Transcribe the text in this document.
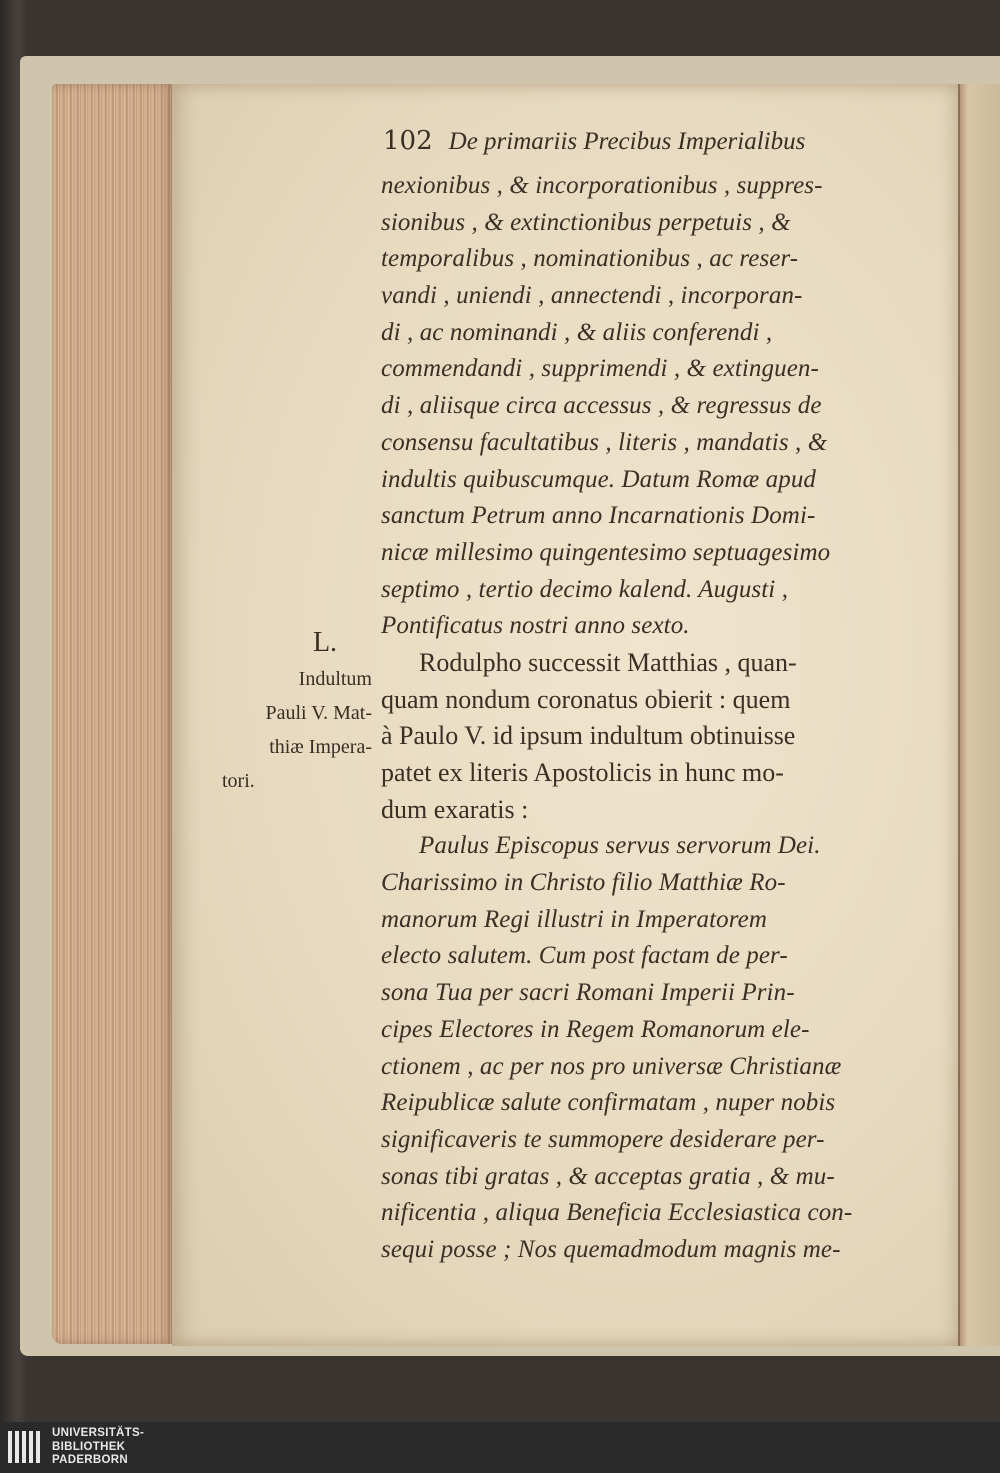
102 De primariis Precibus Imperialibus
L.
Indultum
Pauli V. Mat-
thiæ Impera-
tori.
nexionibus , & incorporationibus , suppres-
sionibus , & extinctionibus perpetuis , &
temporalibus , nominationibus , ac reser-
vandi , uniendi , annectendi , incorporan-
di , ac nominandi , & aliis conferendi ,
commendandi , supprimendi , & extinguen-
di , aliisque circa accessus , & regressus de
consensu facultatibus , literis , mandatis , &
indultis quibuscumque. Datum Romæ apud
sanctum Petrum anno Incarnationis Domi-
nicæ millesimo quingentesimo septuagesimo
septimo , tertio decimo kalend. Augusti ,
Pontificatus nostri anno sexto.
Rodulpho successit Matthias , quan-
quam nondum coronatus obierit : quem
à Paulo V. id ipsum indultum obtinuisse
patet ex literis Apostolicis in hunc mo-
dum exaratis :
Paulus Episcopus servus servorum Dei.
Charissimo in Christo filio Matthiæ Ro-
manorum Regi illustri in Imperatorem
electo salutem. Cum post factam de per-
sona Tua per sacri Romani Imperii Prin-
cipes Electores in Regem Romanorum ele-
ctionem , ac per nos pro universæ Christianæ
Reipublicæ salute confirmatam , nuper nobis
significaveris te summopere desiderare per-
sonas tibi gratas , & acceptas gratia , & mu-
nificentia , aliqua Beneficia Ecclesiastica con-
sequi posse ; Nos quemadmodum magnis me-
UNIVERSITÄTS-
BIBLIOTHEK
PADERBORN
